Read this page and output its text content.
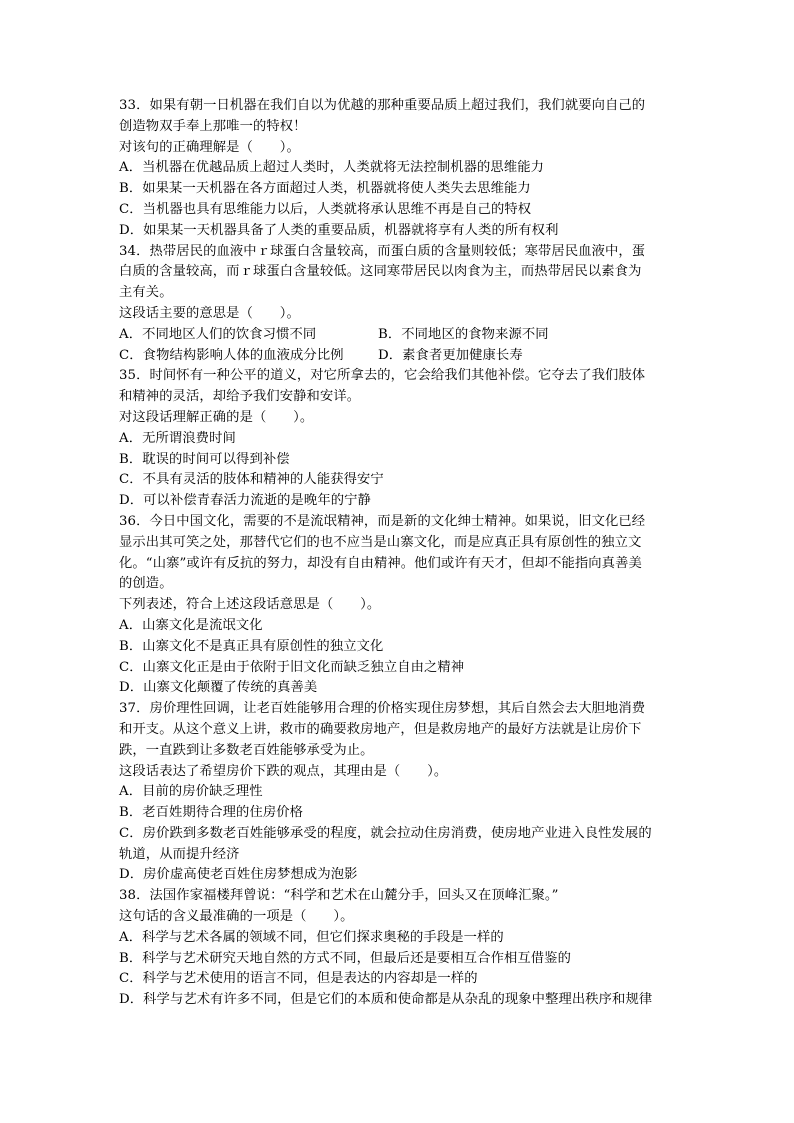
33．如果有朝一日机器在我们自以为优越的那种重要品质上超过我们，我们就要向自己的
创造物双手奉上那唯一的特权！
对该句的正确理解是（　　）。
A．当机器在优越品质上超过人类时，人类就将无法控制机器的思维能力
B．如果某一天机器在各方面超过人类，机器就将使人类失去思维能力
C．当机器也具有思维能力以后，人类就将承认思维不再是自己的特权
D．如果某一天机器具备了人类的重要品质，机器就将享有人类的所有权利
34．热带居民的血液中ｒ球蛋白含量较高，而蛋白质的含量则较低；寒带居民血液中，蛋
白质的含量较高，而ｒ球蛋白含量较低。这同寒带居民以肉食为主，而热带居民以素食为
主有关。
这段话主要的意思是（　　）。
A．不同地区人们的饮食习惯不同	B．不同地区的食物来源不同
C．食物结构影响人体的血液成分比例	D．素食者更加健康长寿
35．时间怀有一种公平的道义，对它所拿去的，它会给我们其他补偿。它夺去了我们肢体
和精神的灵活，却给予我们安静和安详。
对这段话理解正确的是（　　）。
A．无所谓浪费时间
B．耽误的时间可以得到补偿
C．不具有灵活的肢体和精神的人能获得安宁
D．可以补偿青春活力流逝的是晚年的宁静
36．今日中国文化，需要的不是流氓精神，而是新的文化绅士精神。如果说，旧文化已经
显示出其可笑之处，那替代它们的也不应当是山寨文化，而是应真正具有原创性的独立文
化。“山寨”或许有反抗的努力，却没有自由精神。他们或许有天才，但却不能指向真善美
的创造。
下列表述，符合上述这段话意思是（　　）。
A．山寨文化是流氓文化
B．山寨文化不是真正具有原创性的独立文化
C．山寨文化正是由于依附于旧文化而缺乏独立自由之精神
D．山寨文化颠覆了传统的真善美
37．房价理性回调，让老百姓能够用合理的价格实现住房梦想，其后自然会去大胆地消费
和开支。从这个意义上讲，救市的确要救房地产，但是救房地产的最好方法就是让房价下
跌，一直跌到让多数老百姓能够承受为止。
这段话表达了希望房价下跌的观点，其理由是（　　）。
A．目前的房价缺乏理性
B．老百姓期待合理的住房价格
C．房价跌到多数老百姓能够承受的程度，就会拉动住房消费，使房地产业进入良性发展的
轨道，从而提升经济
D．房价虚高使老百姓住房梦想成为泡影
38．法国作家福楼拜曾说：“科学和艺术在山麓分手，回头又在顶峰汇聚。”
这句话的含义最准确的一项是（　　）。
A．科学与艺术各属的领域不同，但它们探求奥秘的手段是一样的
B．科学与艺术研究天地自然的方式不同，但最后还是要相互合作相互借鉴的
C．科学与艺术使用的语言不同，但是表达的内容却是一样的
D．科学与艺术有许多不同，但是它们的本质和使命都是从杂乱的现象中整理出秩序和规律
